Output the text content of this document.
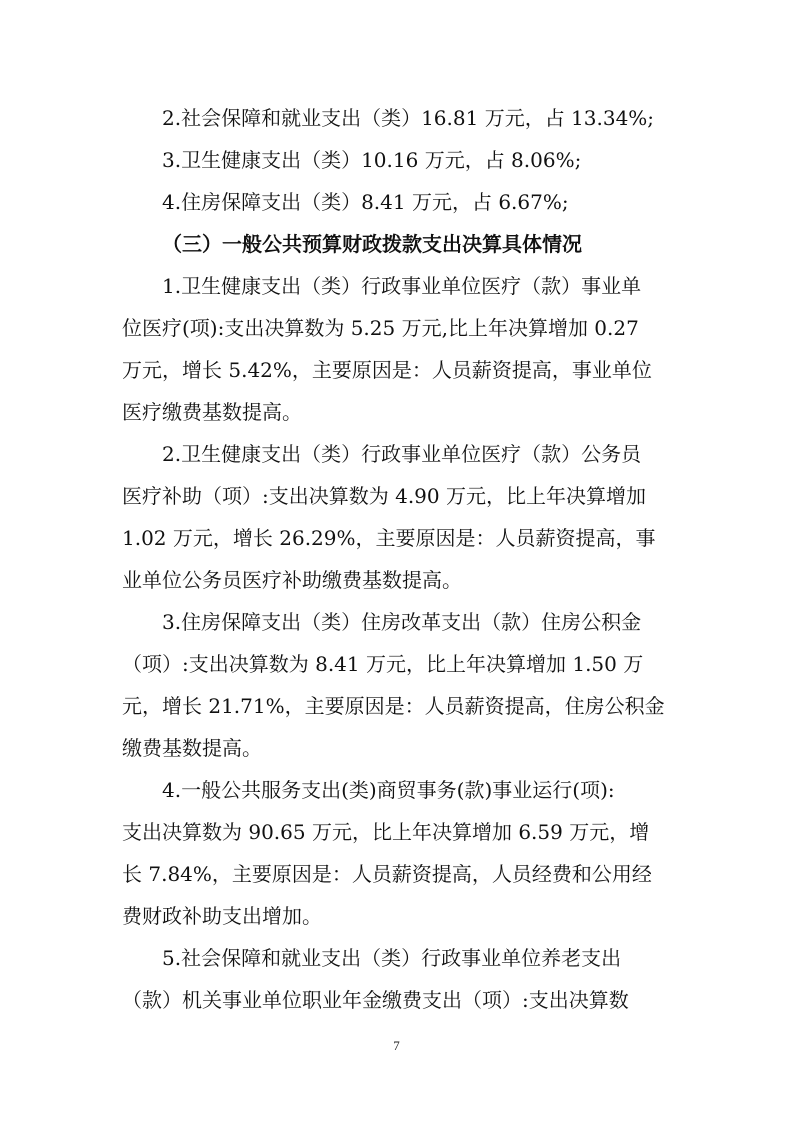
2.社会保障和就业支出（类）16.81 万元，占 13.34%;
3.卫生健康支出（类）10.16 万元，占 8.06%;
4.住房保障支出（类）8.41 万元，占 6.67%;
（三）一般公共预算财政拨款支出决算具体情况
1.卫生健康支出（类）行政事业单位医疗（款）事业单
位医疗(项):支出决算数为 5.25 万元,比上年决算增加 0.27
万元，增长 5.42%，主要原因是：人员薪资提高，事业单位
医疗缴费基数提高。
2.卫生健康支出（类）行政事业单位医疗（款）公务员
医疗补助（项）:支出决算数为 4.90 万元，比上年决算增加
1.02 万元，增长 26.29%，主要原因是：人员薪资提高，事
业单位公务员医疗补助缴费基数提高。
3.住房保障支出（类）住房改革支出（款）住房公积金
（项）:支出决算数为 8.41 万元，比上年决算增加 1.50 万
元，增长 21.71%，主要原因是：人员薪资提高，住房公积金
缴费基数提高。
4.一般公共服务支出(类)商贸事务(款)事业运行(项):
支出决算数为 90.65 万元，比上年决算增加 6.59 万元，增
长 7.84%，主要原因是：人员薪资提高，人员经费和公用经
费财政补助支出增加。
5.社会保障和就业支出（类）行政事业单位养老支出
（款）机关事业单位职业年金缴费支出（项）:支出决算数
7
